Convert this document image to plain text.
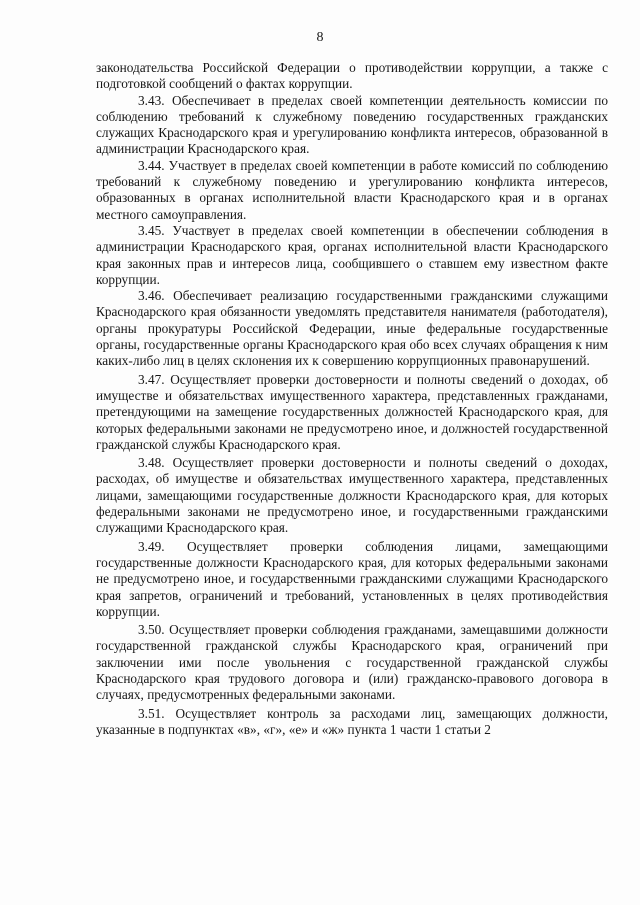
8

законодательства Российской Федерации о противодействии коррупции, а также с подготовкой сообщений о фактах коррупции.

3.43. Обеспечивает в пределах своей компетенции деятельность комиссии по соблюдению требований к служебному поведению государственных гражданских служащих Краснодарского края и урегулированию конфликта интересов, образованной в администрации Краснодарского края.

3.44. Участвует в пределах своей компетенции в работе комиссий по соблюдению требований к служебному поведению и урегулированию конфликта интересов, образованных в органах исполнительной власти Краснодарского края и в органах местного самоуправления.

3.45. Участвует в пределах своей компетенции в обеспечении соблюдения в администрации Краснодарского края, органах исполнительной власти Краснодарского края законных прав и интересов лица, сообщившего о ставшем ему известном факте коррупции.

3.46. Обеспечивает реализацию государственными гражданскими служащими Краснодарского края обязанности уведомлять представителя нанимателя (работодателя), органы прокуратуры Российской Федерации, иные федеральные государственные органы, государственные органы Краснодарского края обо всех случаях обращения к ним каких-либо лиц в целях склонения их к совершению коррупционных правонарушений.

3.47. Осуществляет проверки достоверности и полноты сведений о доходах, об имуществе и обязательствах имущественного характера, представленных гражданами, претендующими на замещение государственных должностей Краснодарского края, для которых федеральными законами не предусмотрено иное, и должностей государственной гражданской службы Краснодарского края.

3.48. Осуществляет проверки достоверности и полноты сведений о доходах, расходах, об имуществе и обязательствах имущественного характера, представленных лицами, замещающими государственные должности Краснодарского края, для которых федеральными законами не предусмотрено иное, и государственными гражданскими служащими Краснодарского края.

3.49. Осуществляет проверки соблюдения лицами, замещающими государственные должности Краснодарского края, для которых федеральными законами не предусмотрено иное, и государственными гражданскими служащими Краснодарского края запретов, ограничений и требований, установленных в целях противодействия коррупции.

3.50. Осуществляет проверки соблюдения гражданами, замещавшими должности государственной гражданской службы Краснодарского края, ограничений при заключении ими после увольнения с государственной гражданской службы Краснодарского края трудового договора и (или) гражданско-правового договора в случаях, предусмотренных федеральными законами.

3.51. Осуществляет контроль за расходами лиц, замещающих должности, указанные в подпунктах «в», «г», «е» и «ж» пункта 1 части 1 статьи 2
